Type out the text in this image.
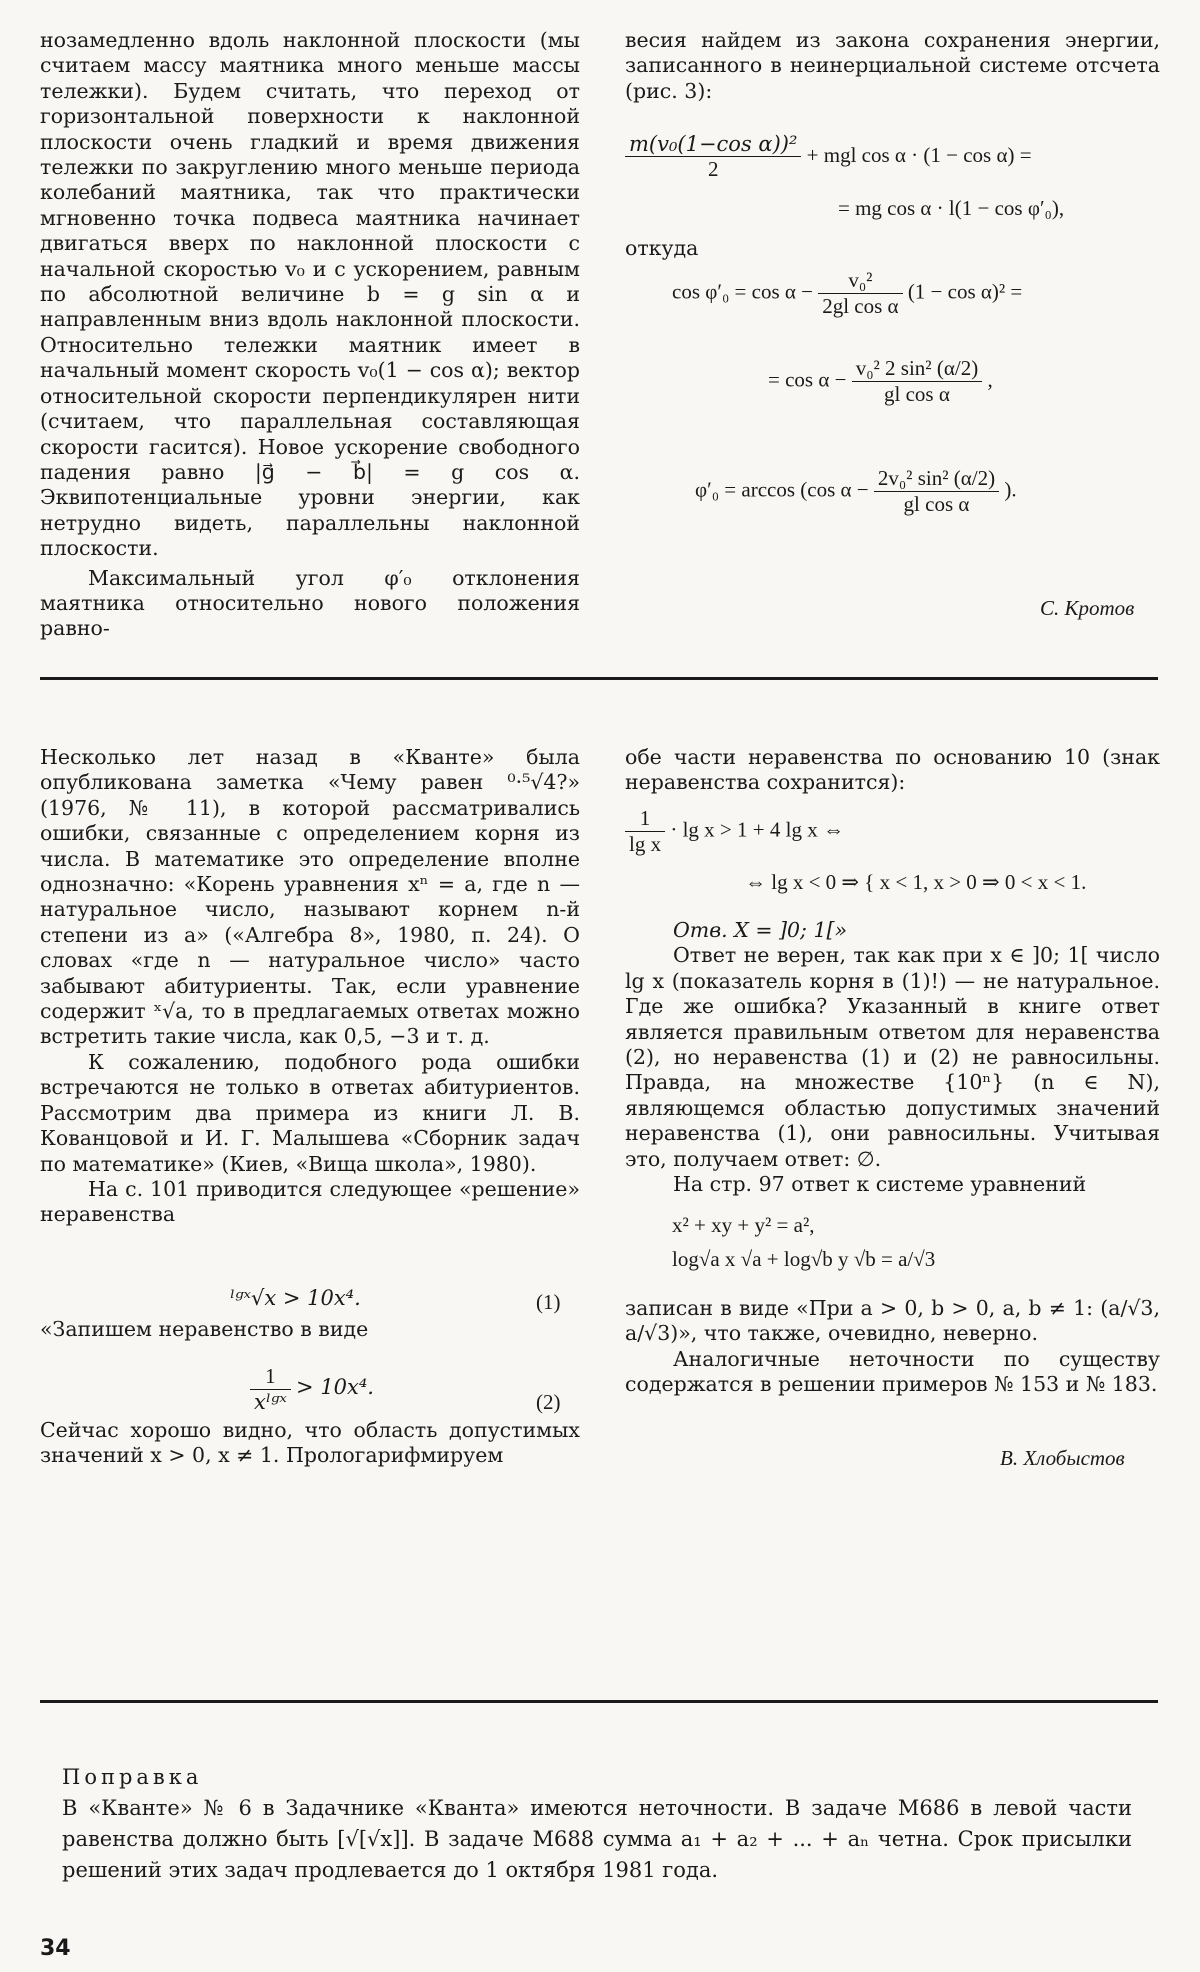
нозамедленно вдоль наклонной плоскости (мы считаем массу маятника много меньше массы тележки). Будем считать, что переход от горизонтальной поверхности к наклонной плоскости очень гладкий и время движения тележки по закруглению много меньше периода колебаний маятника, так что практически мгновенно точка подвеса маятника начинает двигаться вверх по наклонной плоскости с начальной скоростью v₀ и с ускорением, равным по абсолютной величине b = g sin α и направленным вниз вдоль наклонной плоскости. Относительно тележки маятник имеет в начальный момент скорость v₀(1 − cos α); вектор относительной скорости перпендикулярен нити (считаем, что параллельная составляющая скорости гасится). Новое ускорение свободного падения равно |g⃗ − b⃗| = g cos α. Эквипотенциальные уровни энергии, как нетрудно видеть, параллельны наклонной плоскости.

Максимальный угол φ′₀ отклонения маятника относительно нового положения равно-

весия найдем из закона сохранения энергии, записанного в неинерциальной системе отсчета (рис. 3):

$\frac{\text{m(v₀(1−cos α))²}}{2}$ + mgl cos α · (1 − cos α) =
= mg cos α · l(1 − cos φ′₀),

откуда

$\cos \varphi'_0 = \cos \alpha - \frac{\text{v₀²}}{\text{2gl cos α}} (1 - \cos \alpha)^2$ =
= $\cos \alpha - \frac{\text{v₀² 2 sin² (α/2)}}{\text{gl cos α}}$ ,
φ′₀ = arccos (cos $\alpha - \frac{\text{2v₀² sin² (α/2)}}{\text{gl cos α}}$ ).
С. Кротов

Несколько лет назад в «Кванте» была опубликована заметка «Чему равен ⁰·⁵√4?» (1976, № 11), в которой рассматривались ошибки, связанные с определением корня из числа. В математике это определение вполне однозначно: «Корень уравнения xⁿ = a, где n — натуральное число, называют корнем n-й степени из a» («Алгебра 8», 1980, п. 24). О словах «где n — натуральное число» часто забывают абитуриенты. Так, если уравнение содержит ˣ√a, то в предлагаемых ответах можно встретить такие числа, как 0,5, −3 и т. д.

К сожалению, подобного рода ошибки встречаются не только в ответах абитуриентов. Рассмотрим два примера из книги Л. В. Кованцовой и И. Г. Малышева «Сборник задач по математике» (Киев, «Вища школа», 1980).

На с. 101 приводится следующее «решение» неравенства

ˡᵍˣ√x > 10x⁴.	(1)

«Запишем неравенство в виде

$\frac{1}{\text{xˡᵍˣ}} > 10x^4$.
(2)

Сейчас хорошо видно, что область допустимых значений x > 0, x ≠ 1. Прологарифмируем

обе части неравенства по основанию 10 (знак неравенства сохранится):

$\frac{1}{\text{lg x}} \cdot \lg x > 1 + 4$ lg x ⇔
⇔ lg x < 0 ⇒ { x < 1, x > 0 ⇒ 0 < x < 1.

Отв. X = ]0; 1[»

Ответ не верен, так как при x ∈ ]0; 1[ число lg x (показатель корня в (1)!) — не натуральное. Где же ошибка? Указанный в книге ответ является правильным ответом для неравенства (2), но неравенства (1) и (2) не равносильны. Правда, на множестве {10ⁿ} (n ∈ N), являющемся областью допустимых значений неравенства (1), они равносильны. Учитывая это, получаем ответ: ∅.

На стр. 97 ответ к системе уравнений

x² + xy + y² = a²,
log√a x √a + log√b y √b = a/√3

записан в виде «При a > 0, b > 0, a, b ≠ 1: (a/√3, a/√3)», что также, очевидно, неверно.

Аналогичные неточности по существу содержатся в решении примеров № 153 и № 183.

В. Хлобыстов

Поправка

В «Кванте» № 6 в Задачнике «Кванта» имеются неточности. В задаче М686 в левой части равенства должно быть [√[√x]]. В задаче М688 сумма a₁ + a₂ + ... + aₙ четна. Срок присылки решений этих задач продлевается до 1 октября 1981 года.

34
